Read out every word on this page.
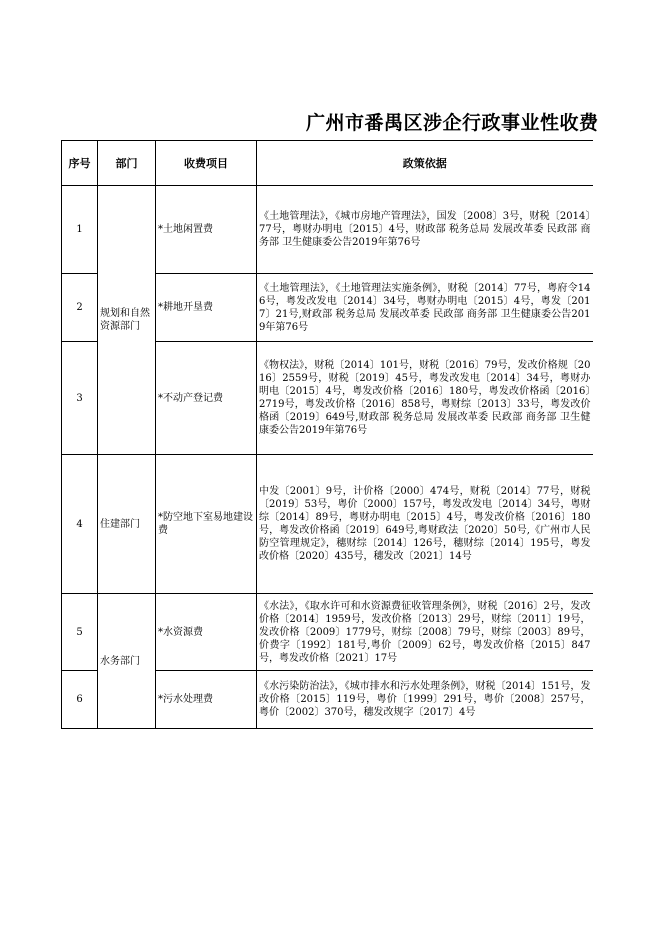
广州市番禺区涉企行政事业性收费
序号	部门	收费项目	政策依据
1	规划和自然资源部门	*土地闲置费	《土地管理法》，《城市房地产管理法》，国发〔2008〕3号，财税〔2014〕77号，粤财办明电〔2015〕4号，财政部 税务总局 发展改革委 民政部 商务部 卫生健康委公告2019年第76号

2		*耕地开垦费	《土地管理法》，《土地管理法实施条例》，财税〔2014〕77号，粤府令146号，粤发改发电〔2014〕34号，粤财办明电〔2015〕4号，粤发〔2017〕21号,财政部 税务总局 发展改革委 民政部 商务部 卫生健康委公告2019年第76号

3		*不动产登记费	《物权法》，财税〔2014〕101号，财税〔2016〕79号，发改价格规〔2016〕2559号，财税〔2019〕45号，粤发改发电〔2014〕34号，粤财办明电〔2015〕4号，粤发改价格〔2016〕180号，粤发改价格函〔2016〕2719号，粤发改价格〔2016〕858号，粤财综〔2013〕33号，粤发改价格函〔2019〕649号,财政部 税务总局 发展改革委 民政部 商务部 卫生健康委公告2019年第76号

4	住建部门	*防空地下室易地建设费	中发〔2001〕9号，计价格〔2000〕474号，财税〔2014〕77号，财税〔2019〕53号，粤价〔2000〕157号，粤发改发电〔2014〕34号，粤财综〔2014〕89号，粤财办明电〔2015〕4号，粤发改价格〔2016〕180号，粤发改价格函〔2019〕649号,粤财政法〔2020〕50号,《广州市人民防空管理规定》，穗财综〔2014〕126号，穗财综〔2014〕195号，粤发改价格〔2020〕435号，穗发改〔2021〕14号

5	水务部门	*水资源费	《水法》，《取水许可和水资源费征收管理条例》，财税〔2016〕2号，发改价格〔2014〕1959号，发改价格〔2013〕29号，财综〔2011〕19号，发改价格〔2009〕1779号，财综〔2008〕79号，财综〔2003〕89号，价费字〔1992〕181号,粤价〔2009〕62号，粤发改价格〔2015〕847号，粤发改价格〔2021〕17号

6		*污水处理费	《水污染防治法》，《城市排水和污水处理条例》，财税〔2014〕151号，发改价格〔2015〕119号，粤价〔1999〕291号，粤价〔2008〕257号，粤价〔2002〕370号，穗发改规字〔2017〕4号
